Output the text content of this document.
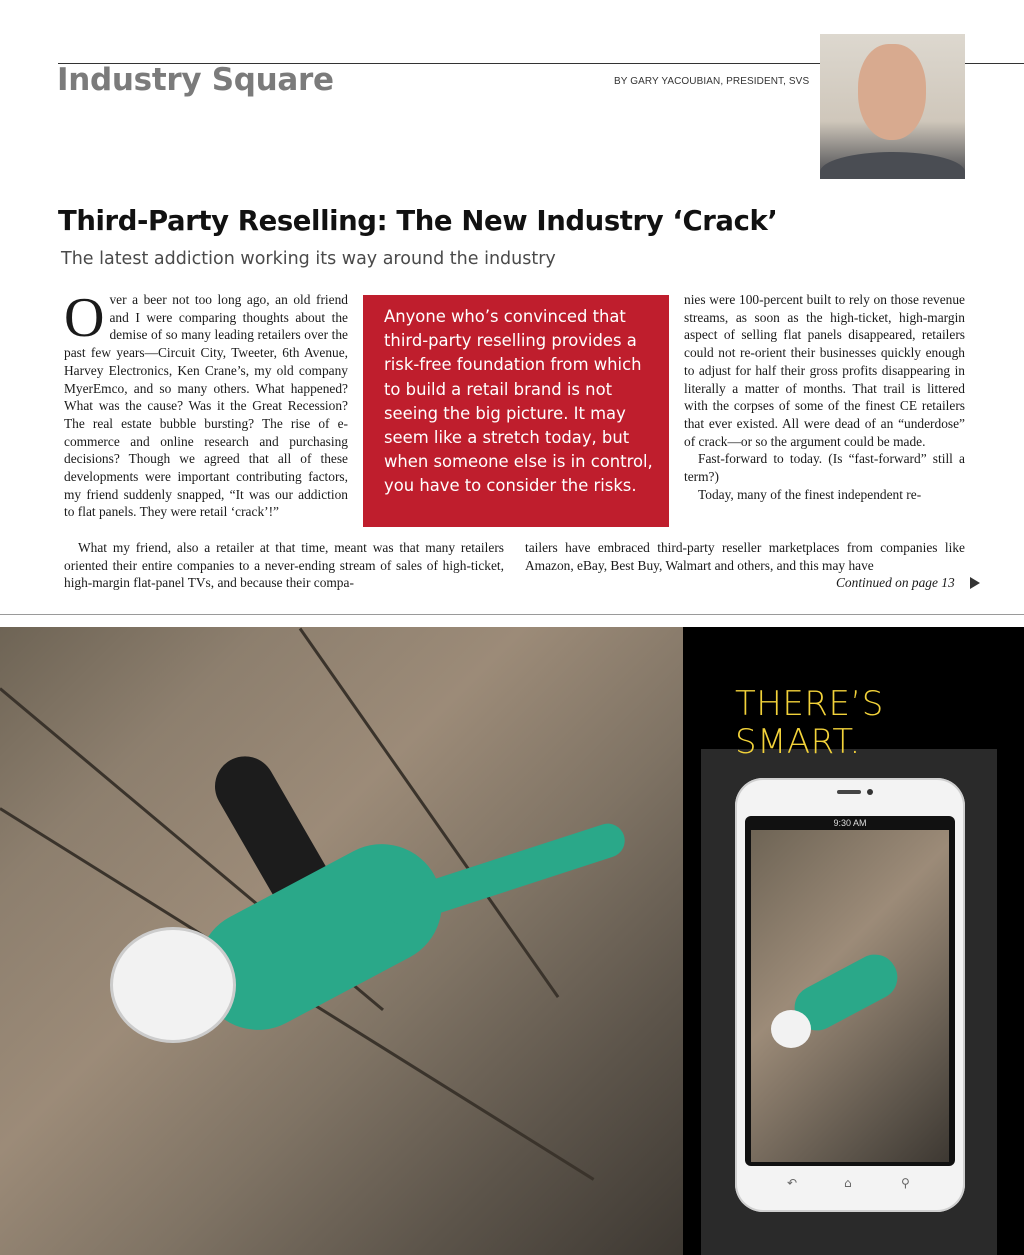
Industry Square	BY GARY YACOUBIAN, PRESIDENT, SVS
Third-Party Reselling: The New Industry ‘Crack’
The latest addiction working its way around the industry

Over a beer not too long ago, an old friend and I were comparing thoughts about the demise of so many leading retailers over the past few years—Circuit City, Tweeter, 6th Avenue, Harvey Electronics, Ken Crane’s, my old company MyerEmco, and so many others. What happened? What was the cause? Was it the Great Recession? The real estate bubble bursting? The rise of e-commerce and online research and purchasing decisions? Though we agreed that all of these developments were important contributing factors, my friend suddenly snapped, “It was our addiction to flat panels. They were retail ‘crack’!”

Anyone who’s convinced that third-party reselling provides a risk-free foundation from which to build a retail brand is not seeing the big picture. It may seem like a stretch today, but when someone else is in control, you have to consider the risks.

nies were 100-percent built to rely on those revenue streams, as soon as the high-ticket, high-margin aspect of selling flat panels disappeared, retailers could not re-orient their businesses quickly enough to adjust for half their gross profits disappearing in literally a matter of months. That trail is littered with the corpses of some of the finest CE retailers that ever existed. All were dead of an “underdose” of crack—or so the argument could be made.

Fast-forward to today. (Is “fast-forward” still a term?)

Today, many of the finest independent re-

What my friend, also a retailer at that time, meant was that many retailers oriented their entire companies to a never-ending stream of sales of high-ticket, high-margin flat-panel TVs, and because their compa-
tailers have embraced third-party reseller marketplaces from companies like Amazon, eBay, Best Buy, Walmart and others, and this may have
Continued on page 13
THERE’S
SMART.
9:30 AM
↶	⌂	⚲
